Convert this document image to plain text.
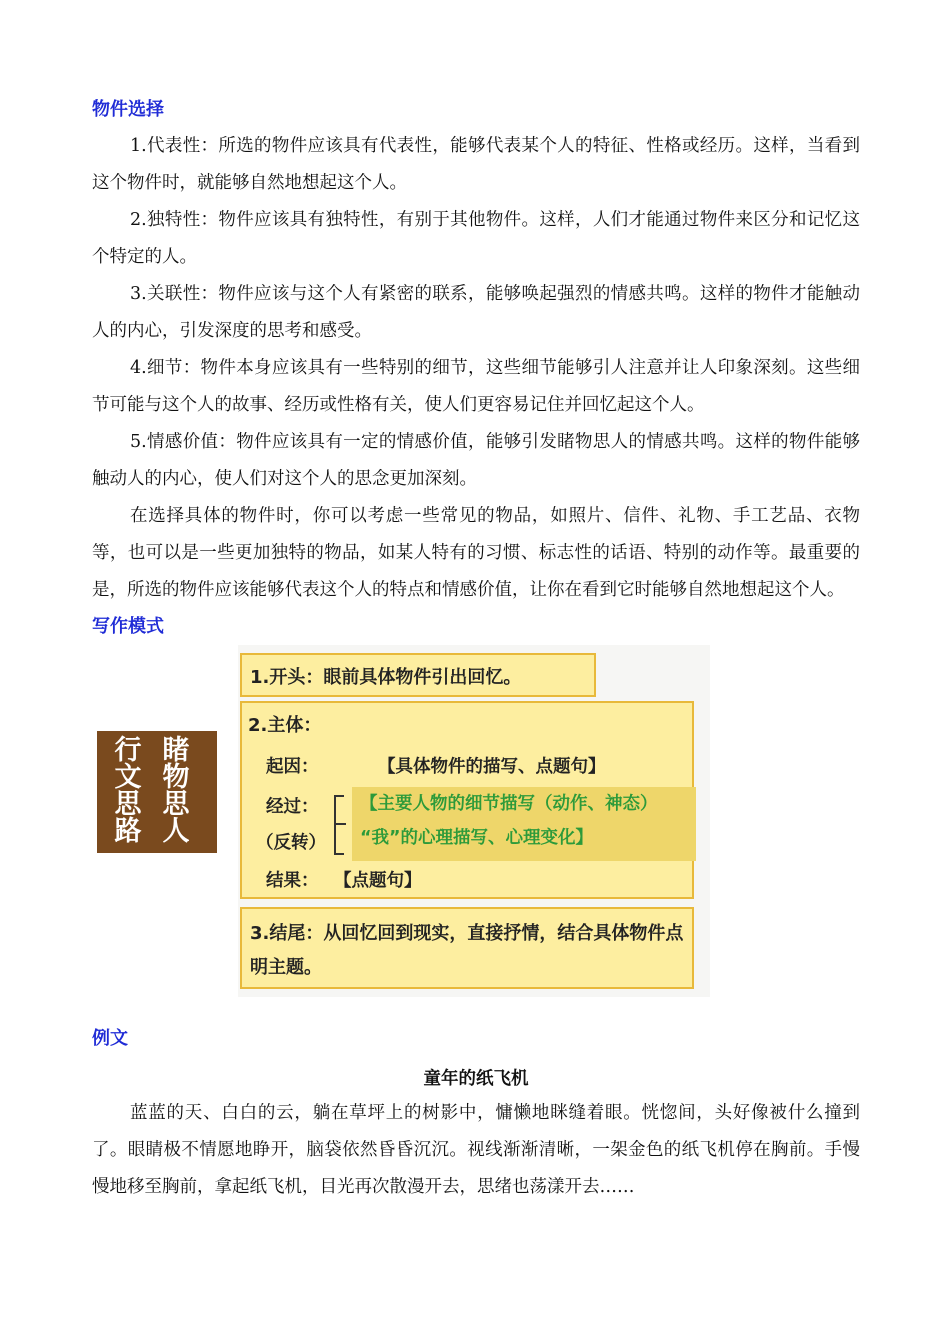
物件选择

1.代表性：所选的物件应该具有代表性，能够代表某个人的特征、性格或经历。这样，当看到这个物件时，就能够自然地想起这个人。

2.独特性：物件应该具有独特性，有别于其他物件。这样，人们才能通过物件来区分和记忆这个特定的人。

3.关联性：物件应该与这个人有紧密的联系，能够唤起强烈的情感共鸣。这样的物件才能触动人的内心，引发深度的思考和感受。

4.细节：物件本身应该具有一些特别的细节，这些细节能够引人注意并让人印象深刻。这些细节可能与这个人的故事、经历或性格有关，使人们更容易记住并回忆起这个人。

5.情感价值：物件应该具有一定的情感价值，能够引发睹物思人的情感共鸣。这样的物件能够触动人的内心，使人们对这个人的思念更加深刻。

在选择具体的物件时，你可以考虑一些常见的物品，如照片、信件、礼物、手工艺品、衣物等，也可以是一些更加独特的物品，如某人特有的习惯、标志性的话语、特别的动作等。最重要的是，所选的物件应该能够代表这个人的特点和情感价值，让你在看到它时能够自然地想起这个人。

写作模式
行
文
思
路
睹
物
思
人
1.开头：眼前具体物件引出回忆。
2.主体：
起因：	【具体物件的描写、点题句】
经过：
（反转）
【主要人物的细节描写（动作、神态）
“我”的心理描写、心理变化】
结果： 【点题句】
3.结尾：从回忆回到现实，直接抒情，结合具体物件点明主题。
例文
童年的纸飞机

蓝蓝的天、白白的云，躺在草坪上的树影中，慵懒地眯缝着眼。恍惚间，头好像被什么撞到了。眼睛极不情愿地睁开，脑袋依然昏昏沉沉。视线渐渐清晰，一架金色的纸飞机停在胸前。手慢慢地移至胸前，拿起纸飞机，目光再次散漫开去，思绪也荡漾开去……
